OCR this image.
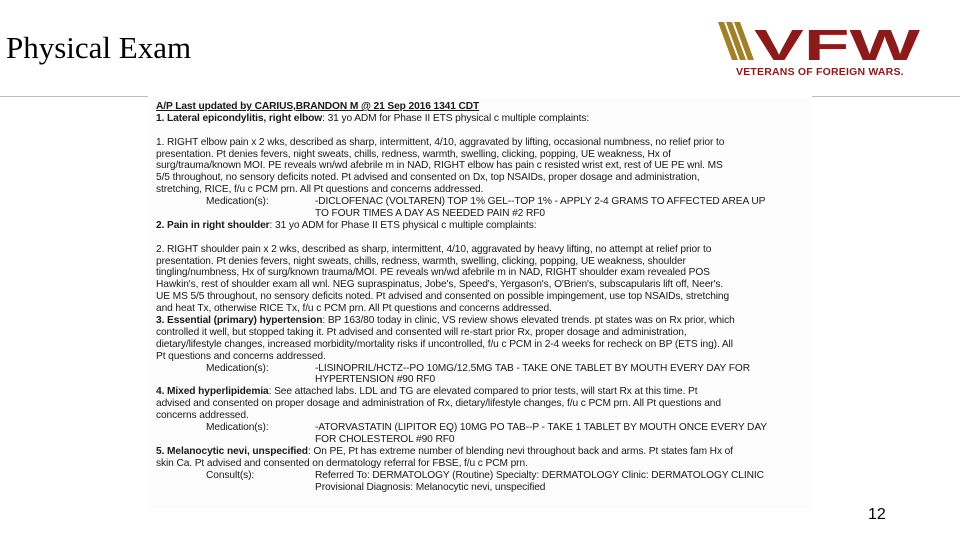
Physical Exam	VFW
VETERANS OF FOREIGN WARS.
A/P Last updated by CARIUS,BRANDON M @ 21 Sep 2016 1341 CDT
1. Lateral epicondylitis, right elbow: 31 yo ADM for Phase II ETS physical c multiple complaints:
1. RIGHT elbow pain x 2 wks, described as sharp, intermittent, 4/10, aggravated by lifting, occasional numbness, no relief prior to
presentation. Pt denies fevers, night sweats, chills, redness, warmth, swelling, clicking, popping, UE weakness, Hx of
surg/trauma/known MOI. PE reveals wn/wd afebrile m in NAD, RIGHT elbow has pain c resisted wrist ext, rest of UE PE wnl. MS
5/5 throughout, no sensory deficits noted. Pt advised and consented on Dx, top NSAIDs, proper dosage and administration,
stretching, RICE, f/u c PCM prn. All Pt questions and concerns addressed.
Medication(s):	-DICLOFENAC (VOLTAREN) TOP 1% GEL--TOP 1% - APPLY 2-4 GRAMS TO AFFECTED AREA UP
TO FOUR TIMES A DAY AS NEEDED PAIN #2 RF0
2. Pain in right shoulder: 31 yo ADM for Phase II ETS physical c multiple complaints:
2. RIGHT shoulder pain x 2 wks, described as sharp, intermittent, 4/10, aggravated by heavy lifting, no attempt at relief prior to
presentation. Pt denies fevers, night sweats, chills, redness, warmth, swelling, clicking, popping, UE weakness, shoulder
tingling/numbness, Hx of surg/known trauma/MOI. PE reveals wn/wd afebrile m in NAD, RIGHT shoulder exam revealed POS
Hawkin's, rest of shoulder exam all wnl. NEG supraspinatus, Jobe's, Speed's, Yergason's, O'Brien's, subscapularis lift off, Neer's.
UE MS 5/5 throughout, no sensory deficits noted. Pt advised and consented on possible impingement, use top NSAIDs, stretching
and heat Tx, otherwise RICE Tx, f/u c PCM prn. All Pt questions and concerns addressed.
3. Essential (primary) hypertension: BP 163/80 today in clinic, VS review shows elevated trends. pt states was on Rx prior, which
controlled it well, but stopped taking it. Pt advised and consented will re-start prior Rx, proper dosage and administration,
dietary/lifestyle changes, increased morbidity/mortality risks if uncontrolled, f/u c PCM in 2-4 weeks for recheck on BP (ETS ing). All
Pt questions and concerns addressed.
Medication(s):	-LISINOPRIL/HCTZ--PO 10MG/12.5MG TAB - TAKE ONE TABLET BY MOUTH EVERY DAY FOR
HYPERTENSION #90 RF0
4. Mixed hyperlipidemia: See attached labs. LDL and TG are elevated compared to prior tests, will start Rx at this time. Pt
advised and consented on proper dosage and administration of Rx, dietary/lifestyle changes, f/u c PCM prn. All Pt questions and
concerns addressed.
Medication(s):	-ATORVASTATIN (LIPITOR EQ) 10MG PO TAB--P - TAKE 1 TABLET BY MOUTH ONCE EVERY DAY
FOR CHOLESTEROL #90 RF0
5. Melanocytic nevi, unspecified: On PE, Pt has extreme number of blending nevi throughout back and arms. Pt states fam Hx of
skin Ca. Pt advised and consented on dermatology referral for FBSE, f/u c PCM prn.
Consult(s):	Referred To: DERMATOLOGY (Routine) Specialty: DERMATOLOGY Clinic: DERMATOLOGY CLINIC
Provisional Diagnosis: Melanocytic nevi, unspecified
12
